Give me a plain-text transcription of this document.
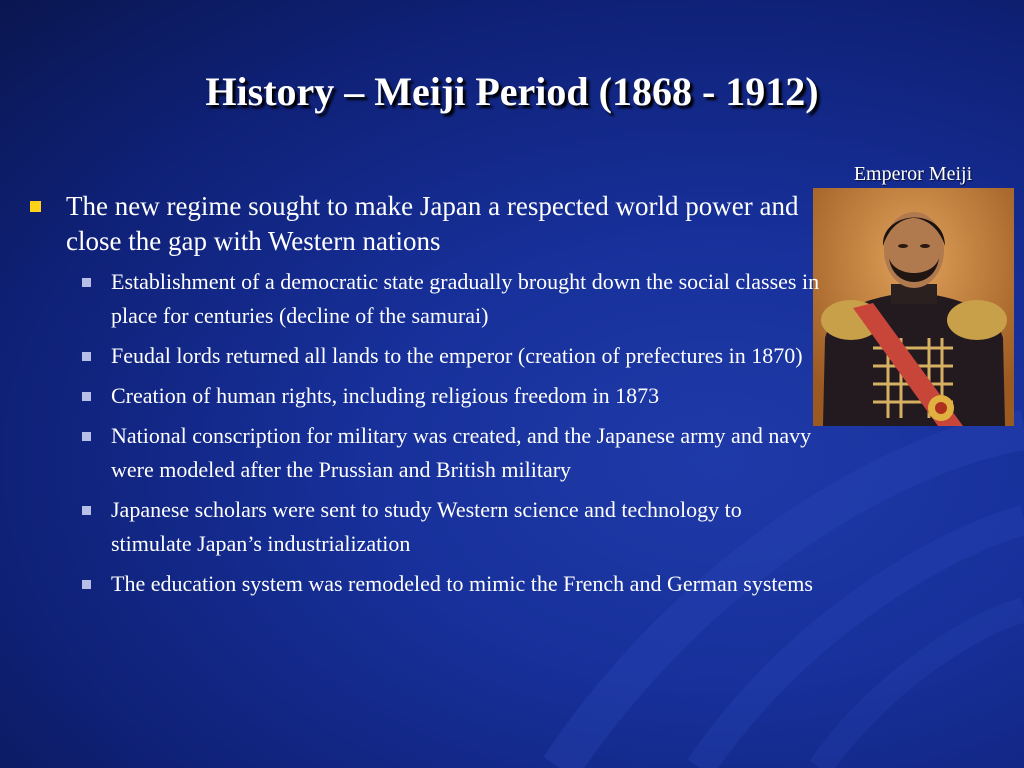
History – Meiji Period (1868 - 1912)
Emperor Meiji
The new regime sought to make Japan a respected world power and close the gap with Western nations
Establishment of a democratic state gradually brought down the social classes in place for centuries (decline of the samurai)
Feudal lords returned all lands to the emperor (creation of prefectures in 1870)
Creation of human rights, including religious freedom in 1873
National conscription for military was created, and the Japanese army and navy were modeled after the Prussian and British military
Japanese scholars were sent to study Western science and technology to stimulate Japan’s industrialization
The education system was remodeled to mimic the French and German systems
